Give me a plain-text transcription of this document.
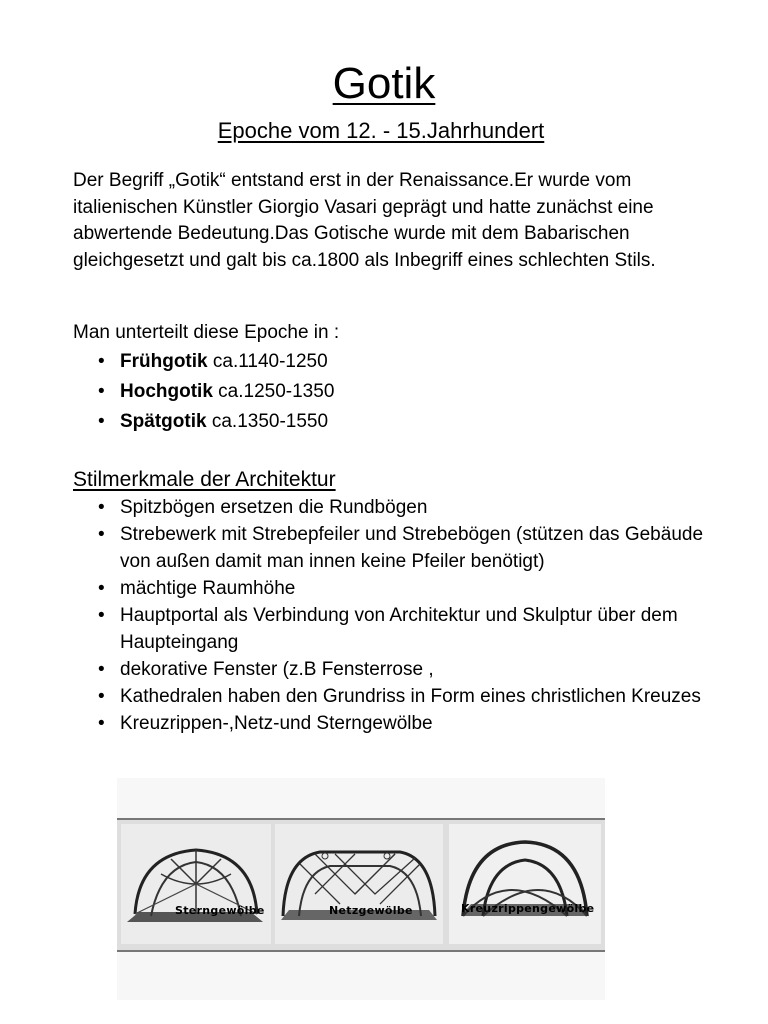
Gotik
Epoche vom 12. - 15.Jahrhundert

Der Begriff „Gotik“ entstand erst in der Renaissance.Er wurde vom italienischen Künstler Giorgio Vasari geprägt und hatte zunächst eine abwertende Bedeutung.Das Gotische wurde mit dem Babarischen gleichgesetzt und galt bis ca.1800 als Inbegriff eines schlechten Stils.

Man unterteilt diese Epoche in :

• Frühgotik ca.1140-1250
• Hochgotik ca.1250-1350
• Spätgotik ca.1350-1550
Stilmerkmale der Architektur
• Spitzbögen ersetzen die Rundbögen
• Strebewerk mit Strebepfeiler und Strebebögen (stützen das Gebäude von außen damit man innen keine Pfeiler benötigt)
• mächtige Raumhöhe
• Hauptportal als Verbindung von Architektur und Skulptur über dem Haupteingang
• dekorative Fenster (z.B Fensterrose ,
• Kathedralen haben den Grundriss in Form eines christlichen Kreuzes
• Kreuzrippen-,Netz-und Sterngewölbe
Sterngewölbe	Netzgewölbe	Kreuzrippengewölbe
